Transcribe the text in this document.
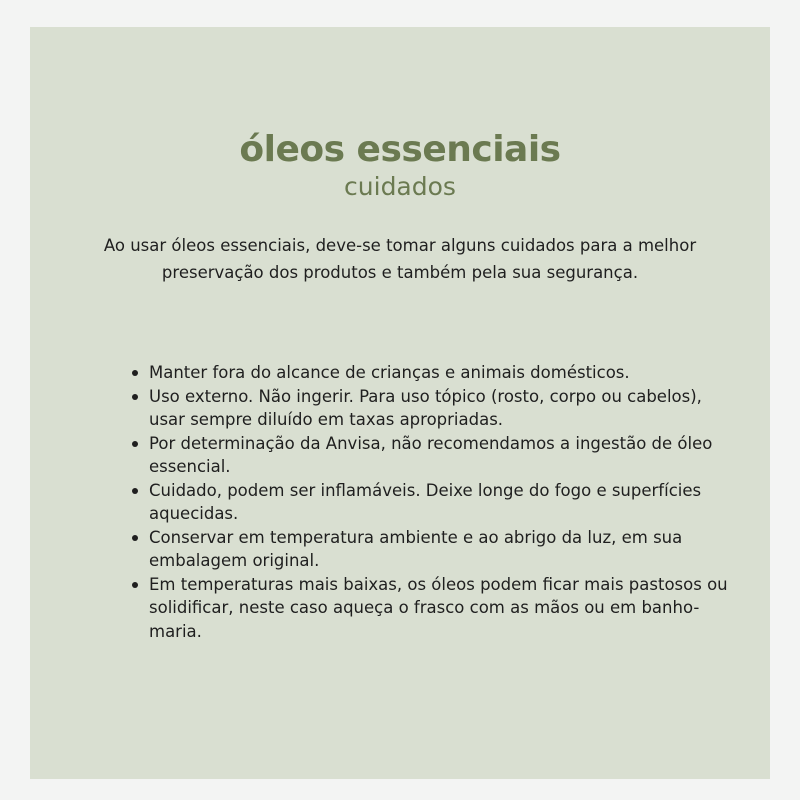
óleos essenciais
cuidados
Ao usar óleos essenciais, deve-se tomar alguns cuidados para a melhor preservação dos produtos e também pela sua segurança.
Manter fora do alcance de crianças e animais domésticos.
Uso externo. Não ingerir. Para uso tópico (rosto, corpo ou cabelos), usar sempre diluído em taxas apropriadas.
Por determinação da Anvisa, não recomendamos a ingestão de óleo essencial.
Cuidado, podem ser inflamáveis. Deixe longe do fogo e superfícies aquecidas.
Conservar em temperatura ambiente e ao abrigo da luz, em sua embalagem original.
Em temperaturas mais baixas, os óleos podem ficar mais pastosos ou solidificar, neste caso aqueça o frasco com as mãos ou em banho-maria.
